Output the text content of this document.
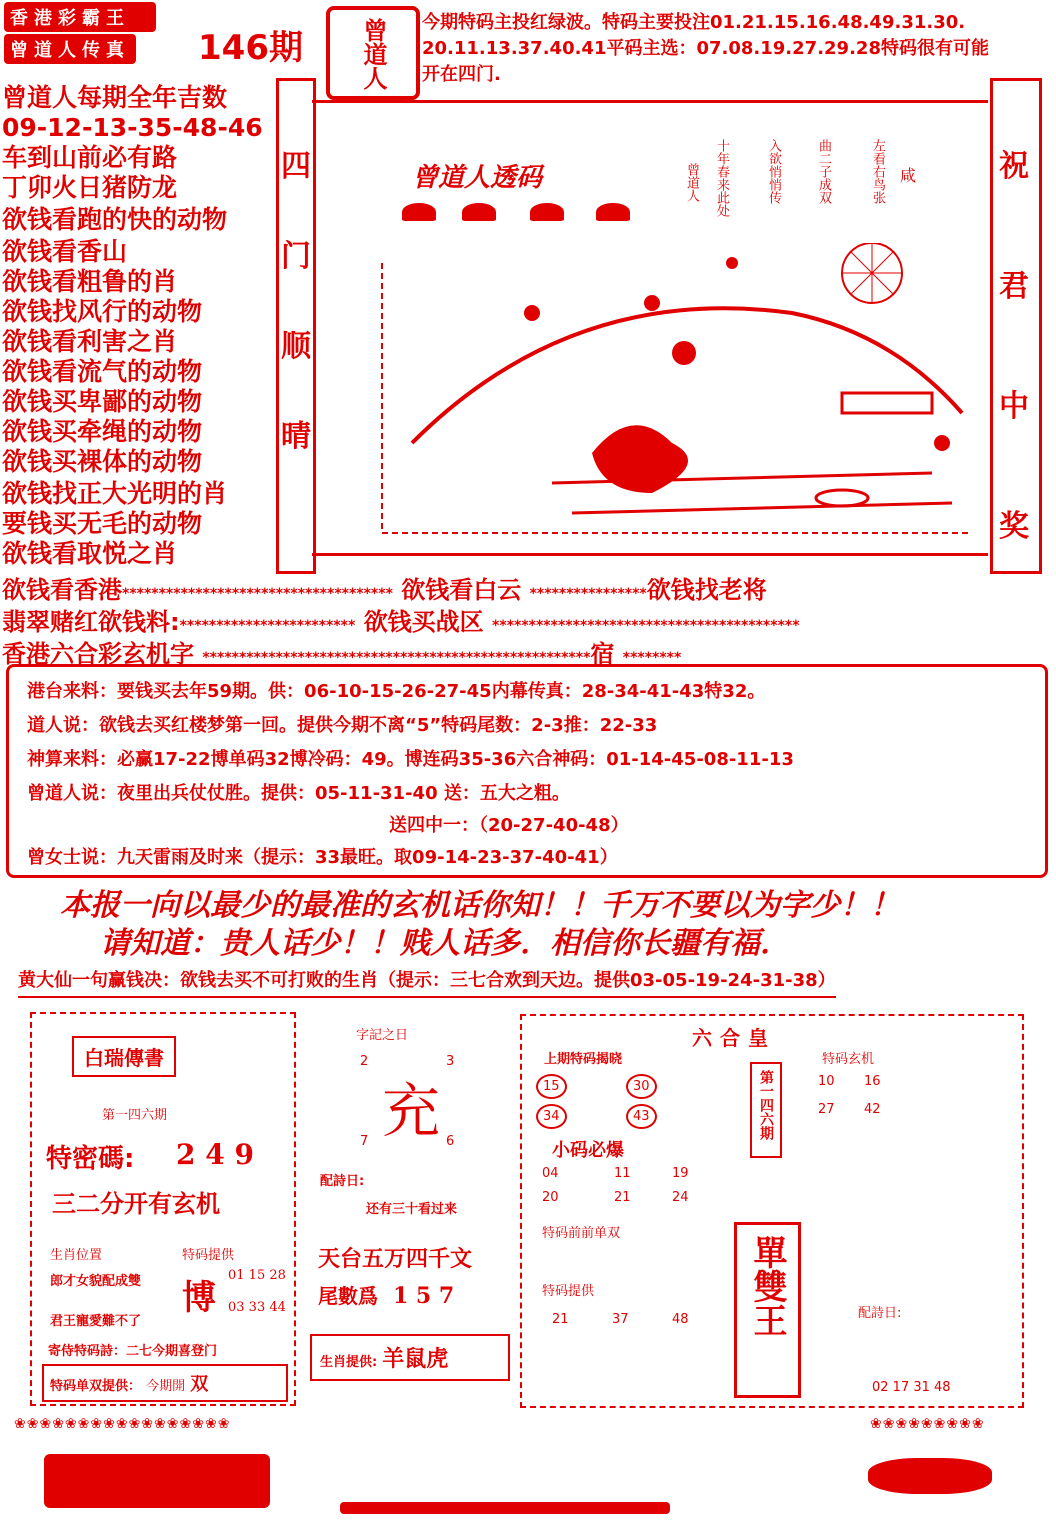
香港彩霸王
曾道人传真 146期 曾道人 今期特码主投红绿波。特码主要投注01.21.15.16.48.49.31.30.
20.11.13.37.40.41平码主选：07.08.19.27.29.28特码很有可能
开在四门.
曾道人每期全年吉数
09-12-13-35-48-46
车到山前必有路
丁卯火日猪防龙
欲钱看跑的快的动物
欲钱看香山
欲钱看粗鲁的肖
欲钱找风行的动物
欲钱看利害之肖
欲钱看流气的动物
欲钱买卑鄙的动物
欲钱买牵绳的动物
欲钱买裸体的动物
欲钱找正大光明的肖
要钱买无毛的动物
欲钱看取悦之肖
四
门
顺
晴
祝
君
中
奖
曾道人透码	曾道人 十年春来此处	入欲悄悄传	曲二子成双	左看右鸟张 咸
欲钱看香港************************************* 欲钱看白云 ****************欲钱找老将
翡翠赌红欲钱料:************************ 欲钱买战区 ******************************************
香港六合彩玄机字 *****************************************************宿 ********
港台来料：要钱买去年59期。供：06-10-15-26-27-45内幕传真：28-34-41-43特32。
道人说：欲钱去买红楼梦第一回。提供今期不离“5”特码尾数：2-3推：22-33
神算来料：必赢17-22博单码32博冷码：49。博连码35-36六合神码：01-14-45-08-11-13
曾道人说：夜里出兵仗仗胜。提供：05-11-31-40 送：五大之粗。
送四中一：（20-27-40-48）
曾女士说：九天雷雨及时来（提示：33最旺。取09-14-23-37-40-41）
本报一向以最少的最准的玄机话你知！！千万不要以为字少！！
请知道：贵人话少！！贱人话多．相信你长疆有福．
黄大仙一句赢钱决：欲钱去买不可打败的生肖（提示：三七合欢到天边。提供03-05-19-24-31-38）
白瑞傳書
第一四六期
特密碼: 2 4 9
三二分开有玄机
生肖位置
郎才女貌配成雙
君王寵愛難不了
特码提供
博
01 15 28
03 33 44
寄侍特码詩：二七今期喜登门
特码单双提供： 今期開 双
字記之日
2	3
充
7	6
配詩日:
还有三十看过来
天台五万四千文
尾數爲 1 5 7
生肖提供: 羊鼠虎
六合皇
上期特码揭晓
15	30
34	43	第一四六期
特码玄机
10 16
27 42
小码必爆
04	11	19
20	21	24
特码前前单双
特码提供
21	37	48	單雙王	配詩日:
02 17 31 48
❀❀❀❀❀❀❀❀❀❀❀❀❀❀❀❀❀	❀❀❀❀❀❀❀❀❀
